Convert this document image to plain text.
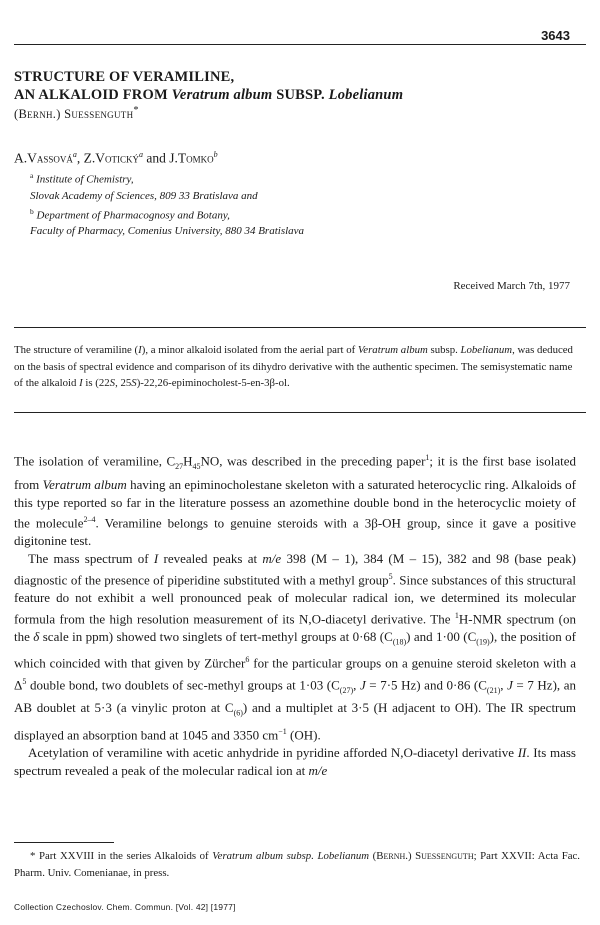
3643
STRUCTURE OF VERAMILINE,
AN ALKALOID FROM Veratrum album SUBSP. Lobelianum
(Bernh.) Suessenguth*
A.Vassová$^a$, Z.Votický$^a$ and J.Tomko$^b$
$^a$ Institute of Chemistry,
Slovak Academy of Sciences, 809 33 Bratislava and
$^b$ Department of Pharmacognosy and Botany,
Faculty of Pharmacy, Comenius University, 880 34 Bratislava
Received March 7th, 1977
The structure of veramiline (I), a minor alkaloid isolated from the aerial part of Veratrum album subsp. Lobelianum, was deduced on the basis of spectral evidence and comparison of its dihydro derivative with the authentic specimen. The semisystematic name of the alkaloid I is (22S, 25S)-22,26-epiminocholest-5-en-3β-ol.

The isolation of veramiline, $C_{27}H_{45}NO$, was described in the preceding paper$^1$; it is the first base isolated from Veratrum album having an epiminocholestane skeleton with a saturated heterocyclic ring. Alkaloids of this type reported so far in the literature possess an azomethine double bond in the heterocyclic moiety of the molecule$^{2-4}$. Veramiline belongs to genuine steroids with a 3β-OH group, since it gave a positive digitonine test.

The mass spectrum of I revealed peaks at m/e 398 (M – 1), 384 (M – 15), 382 and 98 (base peak) diagnostic of the presence of piperidine substituted with a methyl group$^5$. Since substances of this structural feature do not exhibit a well pronounced peak of molecular radical ion, we determined its molecular formula from the high resolution measurement of its N,O-diacetyl derivative. The $^1$H-NMR spectrum (on the δ scale in ppm) showed two singlets of tert-methyl groups at 0·68 $(C_{(18)})$ and 1·00 $(C_{(19)})$, the position of which coincided with that given by Zürcher$^6$ for the particular groups on a genuine steroid skeleton with a $\Delta^5$ double bond, two doublets of sec-methyl groups at 1·03 ($C_{(27)}$, J = 7·5 Hz) and 0·86 ($C_{(21)}$, J = 7 Hz), an AB doublet at 5·3 (a vinylic proton at $C_{(6)}$) and a multiplet at 3·5 (H adjacent to OH). The IR spectrum displayed an absorption band at 1045 and 3350 $cm^{-1}$ (OH).

Acetylation of veramiline with acetic anhydride in pyridine afforded N,O-diacetyl derivative II. Its mass spectrum revealed a peak of the molecular radical ion at m/e

* Part XXVIII in the series Alkaloids of Veratrum album subsp. Lobelianum (Bernh.) Suessenguth; Part XXVII: Acta Fac. Pharm. Univ. Comenianae, in press.
Collection Czechoslov. Chem. Commun. [Vol. 42] [1977]
